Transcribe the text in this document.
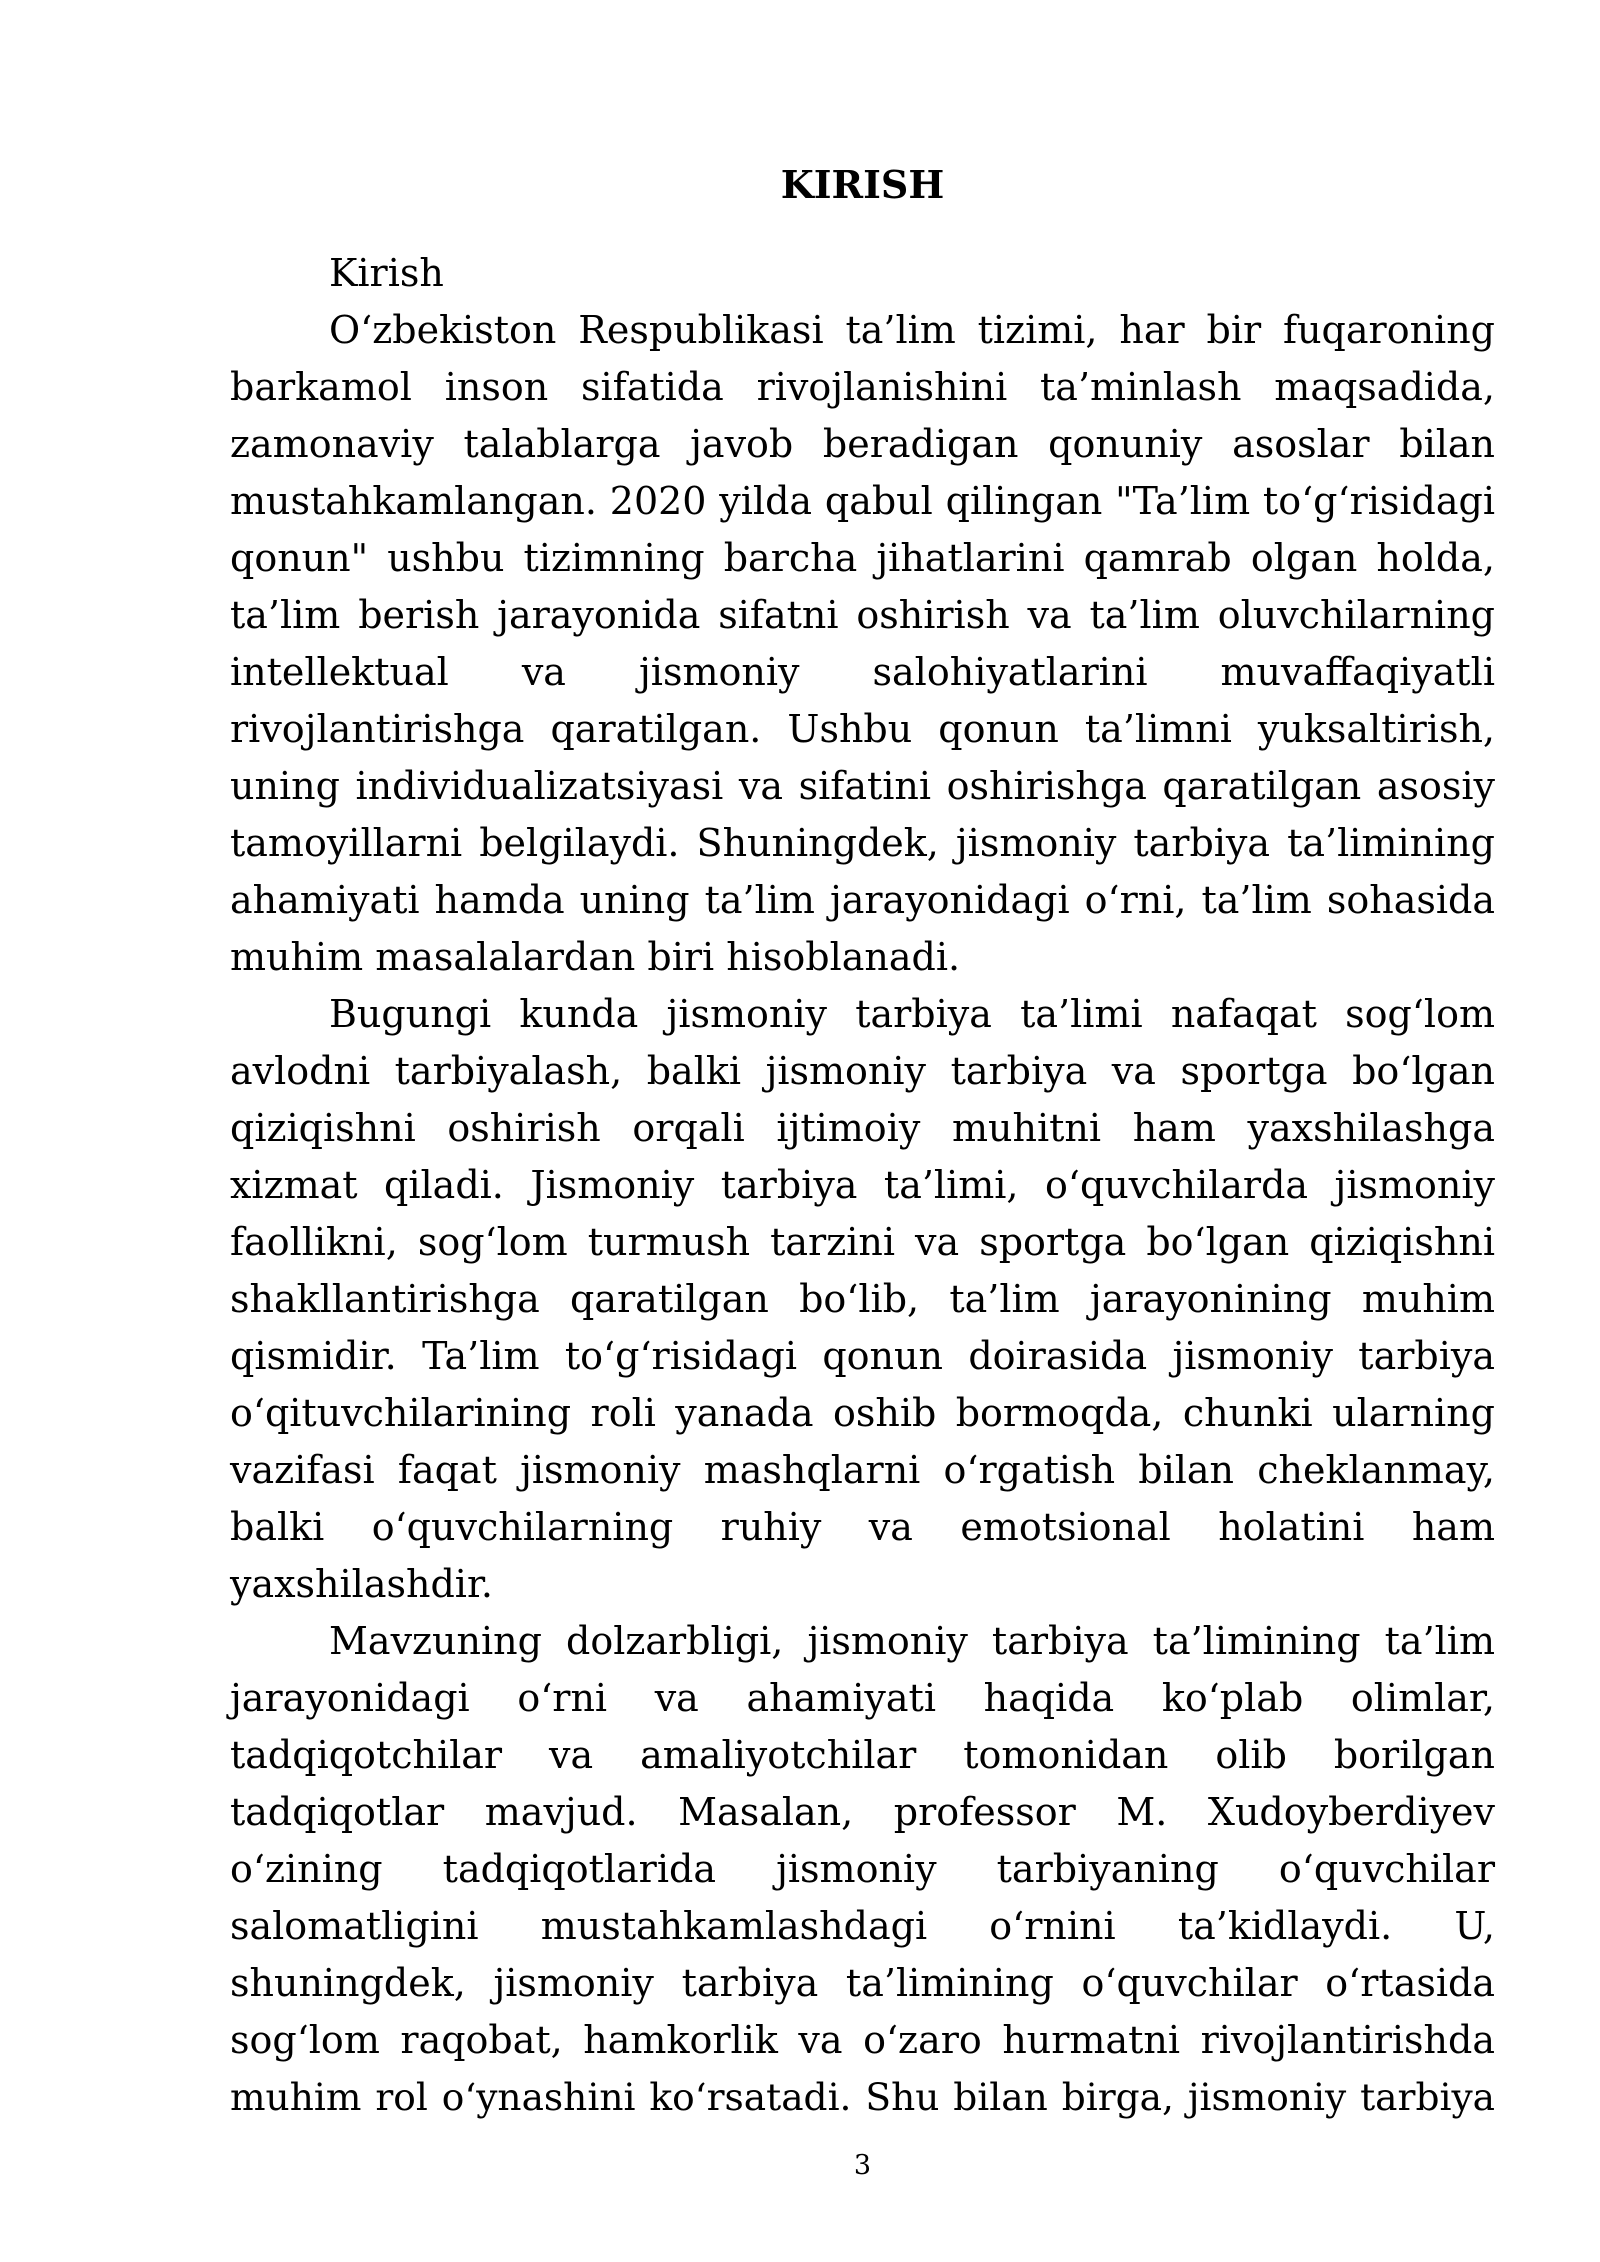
KIRISH
Kirish
O‘zbekiston Respublikasi ta’lim tizimi, har bir fuqaroning
barkamol inson sifatida rivojlanishini ta’minlash maqsadida,
zamonaviy talablarga javob beradigan qonuniy asoslar bilan
mustahkamlangan. 2020 yilda qabul qilingan "Ta’lim to‘g‘risidagi
qonun" ushbu tizimning barcha jihatlarini qamrab olgan holda,
ta’lim berish jarayonida sifatni oshirish va ta’lim oluvchilarning
intellektual va jismoniy salohiyatlarini muvaffaqiyatli
rivojlantirishga qaratilgan. Ushbu qonun ta’limni yuksaltirish,
uning individualizatsiyasi va sifatini oshirishga qaratilgan asosiy
tamoyillarni belgilaydi. Shuningdek, jismoniy tarbiya ta’limining
ahamiyati hamda uning ta’lim jarayonidagi o‘rni, ta’lim sohasida
muhim masalalardan biri hisoblanadi.
Bugungi kunda jismoniy tarbiya ta’limi nafaqat sog‘lom
avlodni tarbiyalash, balki jismoniy tarbiya va sportga bo‘lgan
qiziqishni oshirish orqali ijtimoiy muhitni ham yaxshilashga
xizmat qiladi. Jismoniy tarbiya ta’limi, o‘quvchilarda jismoniy
faollikni, sog‘lom turmush tarzini va sportga bo‘lgan qiziqishni
shakllantirishga qaratilgan bo‘lib, ta’lim jarayonining muhim
qismidir. Ta’lim to‘g‘risidagi qonun doirasida jismoniy tarbiya
o‘qituvchilarining roli yanada oshib bormoqda, chunki ularning
vazifasi faqat jismoniy mashqlarni o‘rgatish bilan cheklanmay,
balki o‘quvchilarning ruhiy va emotsional holatini ham
yaxshilashdir.
Mavzuning dolzarbligi, jismoniy tarbiya ta’limining ta’lim
jarayonidagi o‘rni va ahamiyati haqida ko‘plab olimlar,
tadqiqotchilar va amaliyotchilar tomonidan olib borilgan
tadqiqotlar mavjud. Masalan, professor M. Xudoyberdiyev
o‘zining tadqiqotlarida jismoniy tarbiyaning o‘quvchilar
salomatligini mustahkamlashdagi o‘rnini ta’kidlaydi. U,
shuningdek, jismoniy tarbiya ta’limining o‘quvchilar o‘rtasida
sog‘lom raqobat, hamkorlik va o‘zaro hurmatni rivojlantirishda
muhim rol o‘ynashini ko‘rsatadi. Shu bilan birga, jismoniy tarbiya
3
